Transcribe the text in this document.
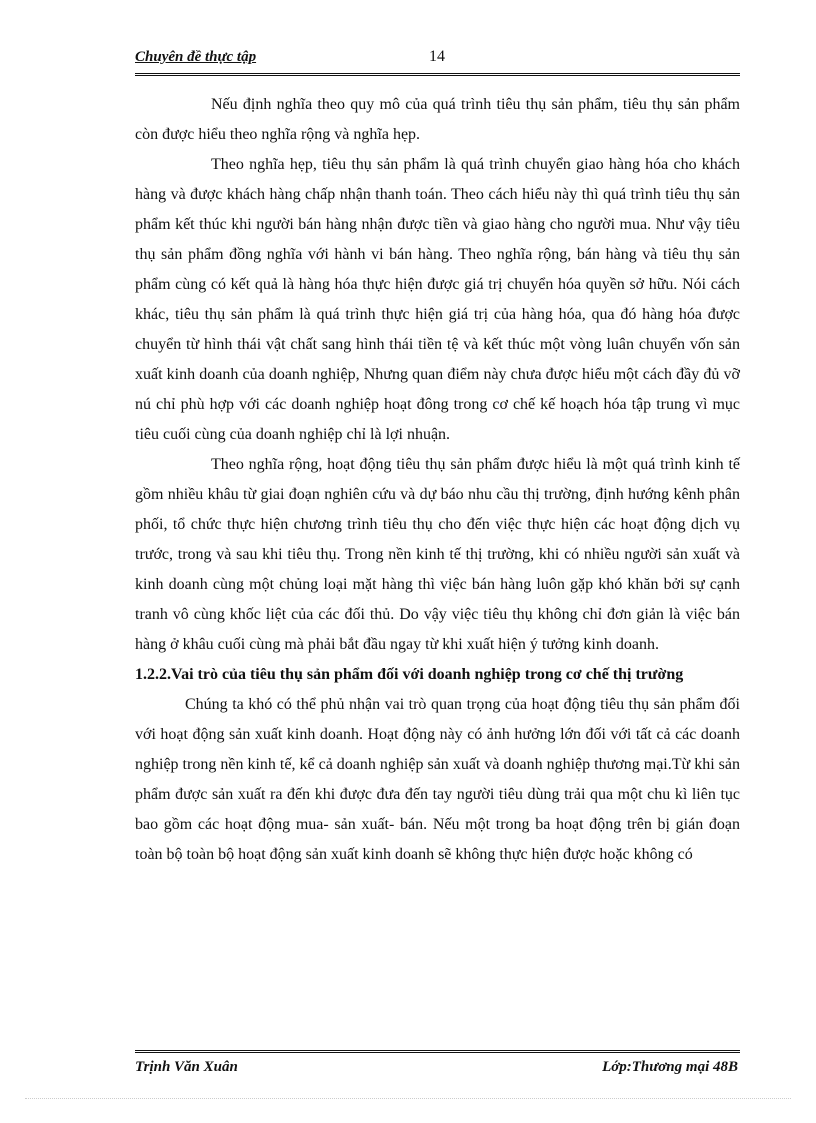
Chuyên đề thực tập	14

Nếu định nghĩa theo quy mô của quá trình tiêu thụ sản phẩm, tiêu thụ sản phẩm còn được hiểu theo nghĩa rộng và nghĩa hẹp.

Theo nghĩa hẹp, tiêu thụ sản phẩm là quá trình chuyển giao hàng hóa cho khách hàng và được khách hàng chấp nhận thanh toán. Theo cách hiểu này thì quá trình tiêu thụ sản phẩm kết thúc khi người bán hàng nhận được tiền và giao hàng cho người mua. Như vậy tiêu thụ sản phẩm đồng nghĩa với hành vi bán hàng. Theo nghĩa rộng, bán hàng và tiêu thụ sản phẩm cùng có kết quả là hàng hóa thực hiện được giá trị chuyển hóa quyền sở hữu. Nói cách khác, tiêu thụ sản phẩm là quá trình thực hiện giá trị của hàng hóa, qua đó hàng hóa được chuyển từ hình thái vật chất sang hình thái tiền tệ và kết thúc một vòng luân chuyển vốn sản xuất kinh doanh của doanh nghiệp, Nhưng quan điểm này chưa được hiểu một cách đầy đủ vỡ nú chỉ phù hợp với các doanh nghiệp hoạt đông trong cơ chế kế hoạch hóa tập trung vì mục tiêu cuối cùng của doanh nghiệp chỉ là lợi nhuận.

Theo nghĩa rộng, hoạt động tiêu thụ sản phẩm được hiểu là một quá trình kinh tế gồm nhiều khâu từ giai đoạn nghiên cứu và dự báo nhu cầu thị trường, định hướng kênh phân phối, tổ chức thực hiện chương trình tiêu thụ cho đến việc thực hiện các hoạt động dịch vụ trước, trong và sau khi tiêu thụ. Trong nền kinh tế thị trường, khi có nhiều người sản xuất và kinh doanh cùng một chủng loại mặt hàng thì việc bán hàng luôn gặp khó khăn bởi sự cạnh tranh vô cùng khốc liệt của các đối thủ. Do vậy việc tiêu thụ không chỉ đơn giản là việc bán hàng ở khâu cuối cùng mà phải bắt đầu ngay từ khi xuất hiện ý tưởng kinh doanh.

1.2.2.Vai trò của tiêu thụ sản phẩm đối với doanh nghiệp trong cơ chế thị trường

Chúng ta khó có thể phủ nhận vai trò quan trọng của hoạt động tiêu thụ sản phẩm đối với hoạt động sản xuất kinh doanh. Hoạt động này có ảnh hưởng lớn đối với tất cả các doanh nghiệp trong nền kinh tế, kể cả doanh nghiệp sản xuất và doanh nghiệp thương mại.Từ khi sản phẩm được sản xuất ra đến khi được đưa đến tay người tiêu dùng trải qua một chu kì liên tục bao gồm các hoạt động mua- sản xuất- bán. Nếu một trong ba hoạt động trên bị gián đoạn toàn bộ toàn bộ hoạt động sản xuất kinh doanh sẽ không thực hiện được hoặc không có

Trịnh Văn Xuân	Lớp:Thương mại 48B
